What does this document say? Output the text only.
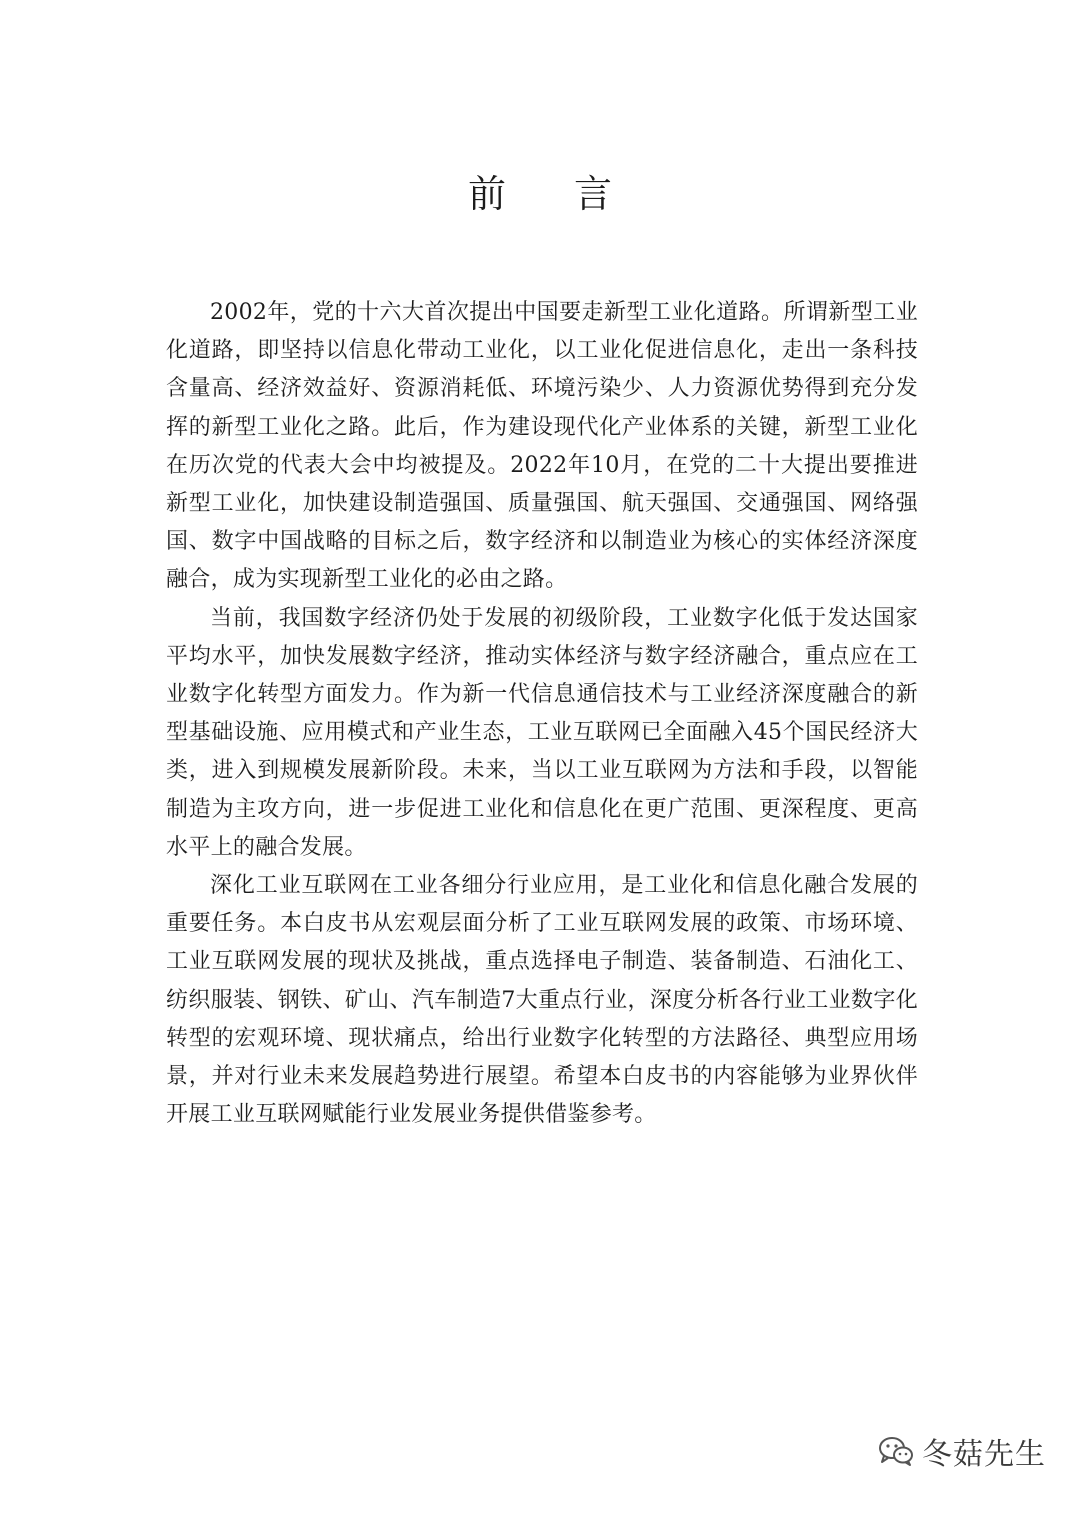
前 言

2002年，党的十六大首次提出中国要走新型工业化道路。所谓新型工业化道路，即坚持以信息化带动工业化，以工业化促进信息化，走出一条科技含量高、经济效益好、资源消耗低、环境污染少、人力资源优势得到充分发挥的新型工业化之路。此后，作为建设现代化产业体系的关键，新型工业化在历次党的代表大会中均被提及。2022年10月，在党的二十大提出要推进新型工业化，加快建设制造强国、质量强国、航天强国、交通强国、网络强国、数字中国战略的目标之后，数字经济和以制造业为核心的实体经济深度融合，成为实现新型工业化的必由之路。

当前，我国数字经济仍处于发展的初级阶段，工业数字化低于发达国家平均水平，加快发展数字经济，推动实体经济与数字经济融合，重点应在工业数字化转型方面发力。作为新一代信息通信技术与工业经济深度融合的新型基础设施、应用模式和产业生态，工业互联网已全面融入45个国民经济大类，进入到规模发展新阶段。未来，当以工业互联网为方法和手段，以智能制造为主攻方向，进一步促进工业化和信息化在更广范围、更深程度、更高水平上的融合发展。

深化工业互联网在工业各细分行业应用，是工业化和信息化融合发展的重要任务。本白皮书从宏观层面分析了工业互联网发展的政策、市场环境、工业互联网发展的现状及挑战，重点选择电子制造、装备制造、石油化工、纺织服装、钢铁、矿山、汽车制造7大重点行业，深度分析各行业工业数字化转型的宏观环境、现状痛点，给出行业数字化转型的方法路径、典型应用场景，并对行业未来发展趋势进行展望。希望本白皮书的内容能够为业界伙伴开展工业互联网赋能行业发展业务提供借鉴参考。

冬菇先生
